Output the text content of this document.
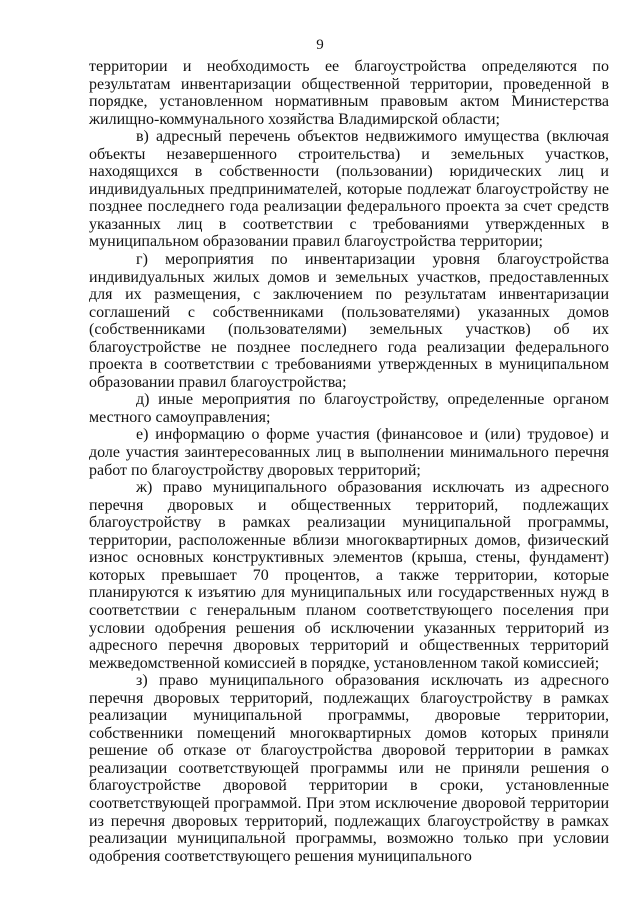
9

территории и необходимость ее благоустройства определяются по результатам инвентаризации общественной территории, проведенной в порядке, установленном нормативным правовым актом Министерства жилищно-коммунального хозяйства Владимирской области;

в) адресный перечень объектов недвижимого имущества (включая объекты незавершенного строительства) и земельных участков, находящихся в собственности (пользовании) юридических лиц и индивидуальных предпринимателей, которые подлежат благоустройству не позднее последнего года реализации федерального проекта за счет средств указанных лиц в соответствии с требованиями утвержденных в муниципальном образовании правил благоустройства территории;

г) мероприятия по инвентаризации уровня благоустройства индивидуальных жилых домов и земельных участков, предоставленных для их размещения, с заключением по результатам инвентаризации соглашений с собственниками (пользователями) указанных домов (собственниками (пользователями) земельных участков) об их благоустройстве не позднее последнего года реализации федерального проекта в соответствии с требованиями утвержденных в муниципальном образовании правил благоустройства;

д) иные мероприятия по благоустройству, определенные органом местного самоуправления;

е) информацию о форме участия (финансовое и (или) трудовое) и доле участия заинтересованных лиц в выполнении минимального перечня работ по благоустройству дворовых территорий;

ж) право муниципального образования исключать из адресного перечня дворовых и общественных территорий, подлежащих благоустройству в рамках реализации муниципальной программы, территории, расположенные вблизи многоквартирных домов, физический износ основных конструктивных элементов (крыша, стены, фундамент) которых превышает 70 процентов, а также территории, которые планируются к изъятию для муниципальных или государственных нужд в соответствии с генеральным планом соответствующего поселения при условии одобрения решения об исключении указанных территорий из адресного перечня дворовых территорий и общественных территорий межведомственной комиссией в порядке, установленном такой комиссией;

з) право муниципального образования исключать из адресного перечня дворовых территорий, подлежащих благоустройству в рамках реализации муниципальной программы, дворовые территории, собственники помещений многоквартирных домов которых приняли решение об отказе от благоустройства дворовой территории в рамках реализации соответствующей программы или не приняли решения о благоустройстве дворовой территории в сроки, установленные соответствующей программой. При этом исключение дворовой территории из перечня дворовых территорий, подлежащих благоустройству в рамках реализации муниципальной программы, возможно только при условии одобрения соответствующего решения муниципального
